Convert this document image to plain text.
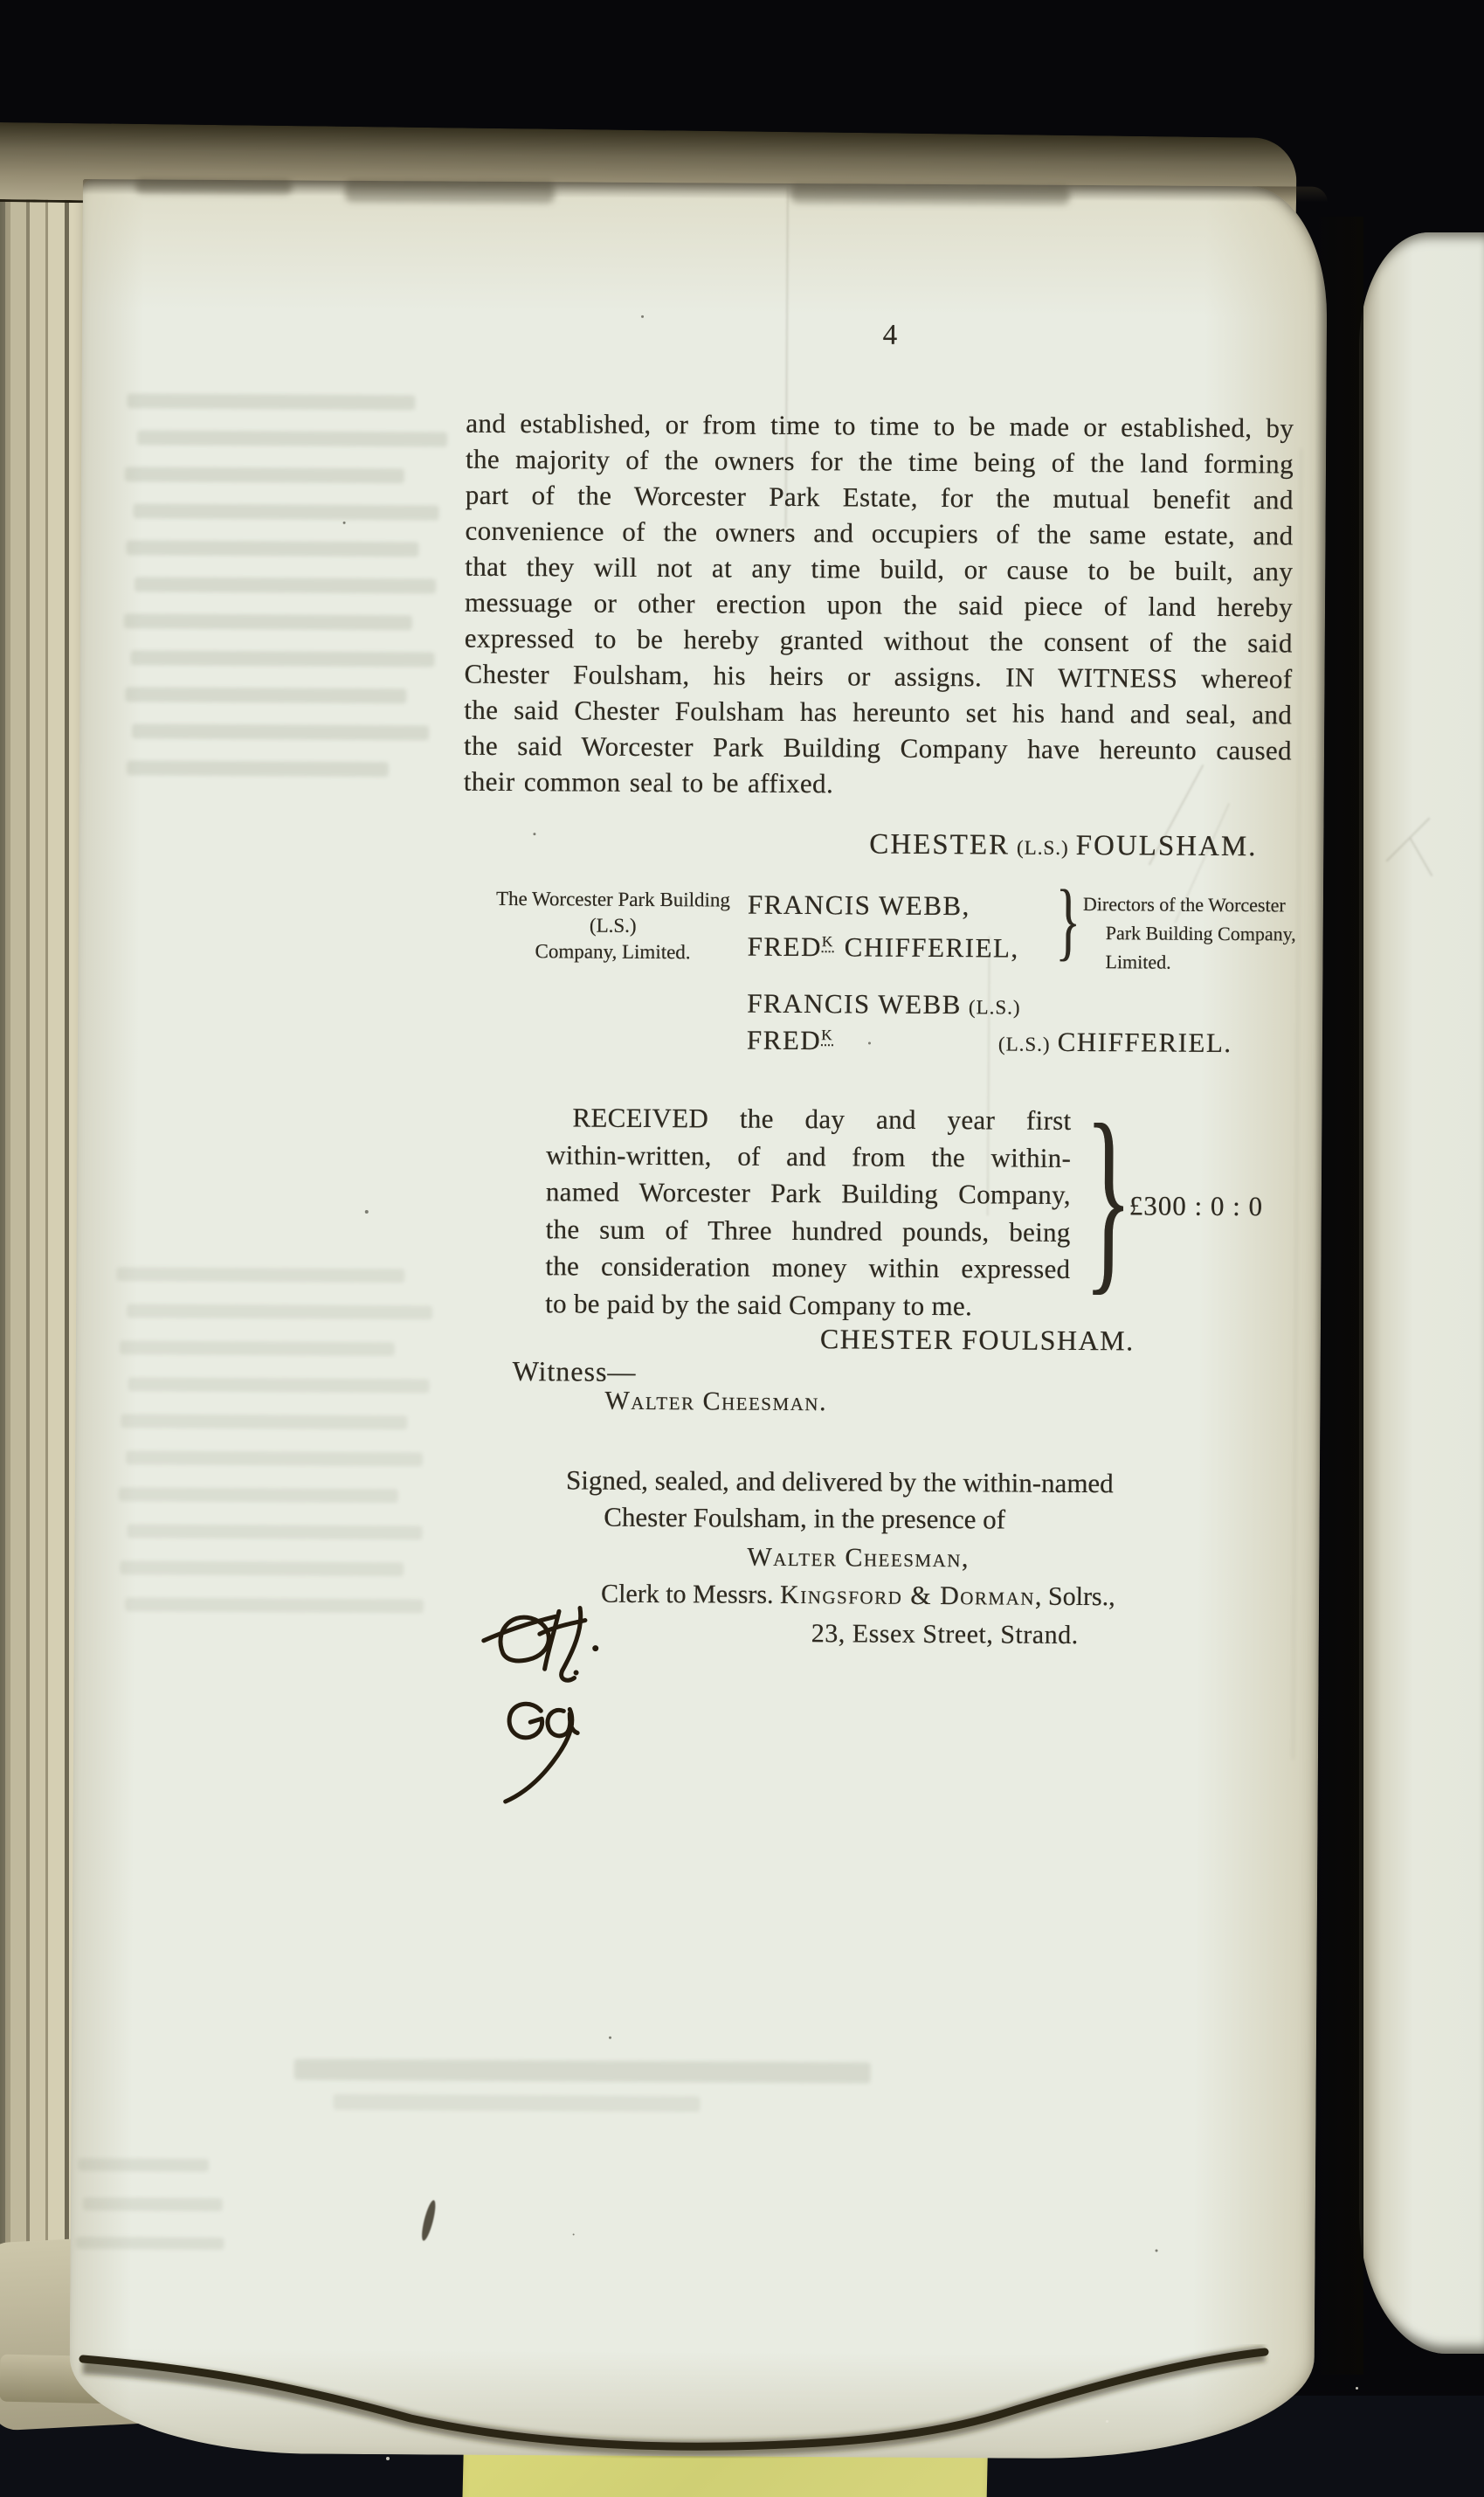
4
and established, or from time to time to be made or established, by
the majority of the owners for the time being of the land forming
part of the Worcester Park Estate, for the mutual benefit and
convenience of the owners and occupiers of the same estate, and
that they will not at any time build, or cause to be built, any
messuage or other erection upon the said piece of land hereby
expressed to be hereby granted without the consent of the said
Chester Foulsham, his heirs or assigns. IN WITNESS whereof
the said Chester Foulsham has hereunto set his hand and seal, and
the said Worcester Park Building Company have hereunto caused
their common seal to be affixed.
CHESTER (L.S.) FOULSHAM.
The Worcester Park Building
(L.S.)
Company, Limited.
FRANCIS WEBB,
$FRED^K$ CHIFFERIEL, } Directors of the Worcester
Park Building Company,
Limited.
FRANCIS WEBB (L.S.)
$FRED^K$	(L.S.) CHIFFERIEL.
RECEIVED the day and year first
within-written, of and from the within-
named Worcester Park Building Company,
the sum of Three hundred pounds, being
the consideration money within expressed
to be paid by the said Company to me. }
£300 : 0 : 0
CHESTER FOULSHAM.
Witness—
Walter Cheesman.
Signed, sealed, and delivered by the within-named
Chester Foulsham, in the presence of
Walter Cheesman,
Clerk to Messrs. Kingsford & Dorman, Solrs.,
23, Essex Street, Strand.
